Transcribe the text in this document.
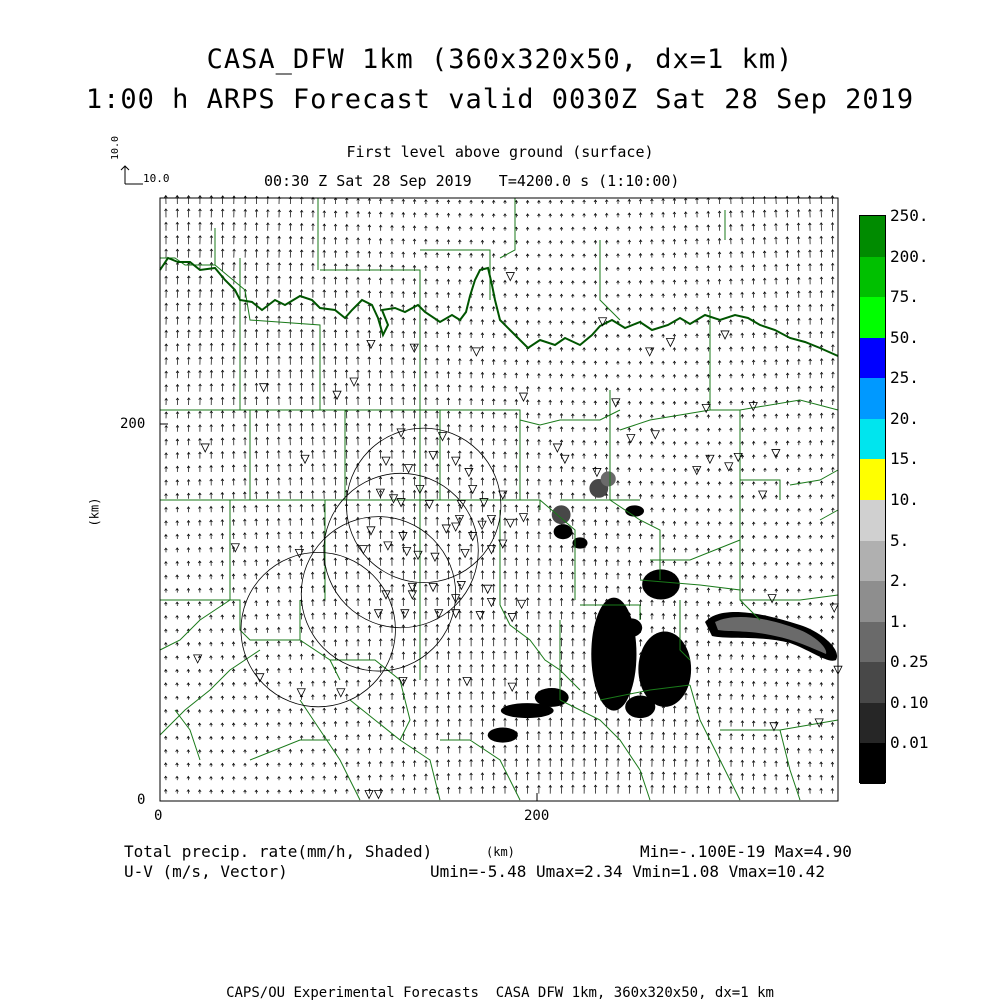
CASA_DFW 1km (360x320x50, dx=1 km)
1:00 h ARPS Forecast valid 0030Z Sat 28 Sep 2019
First level above ground (surface)
00:30 Z Sat 28 Sep 2019   T=4200.0 s (1:10:00)
10.0
10.0
200
0
0	200
(km)
(km)
250.
200.
75.
50.
25.
20.
15.
10.
5.
2.
1.
0.25
0.10
0.01
Total precip. rate(mm/h, Shaded)
U-V (m/s, Vector)
Min=-.100E-19 Max=4.90
Umin=-5.48 Umax=2.34 Vmin=1.08 Vmax=10.42
CAPS/OU Experimental Forecasts  CASA DFW 1km, 360x320x50, dx=1 km
